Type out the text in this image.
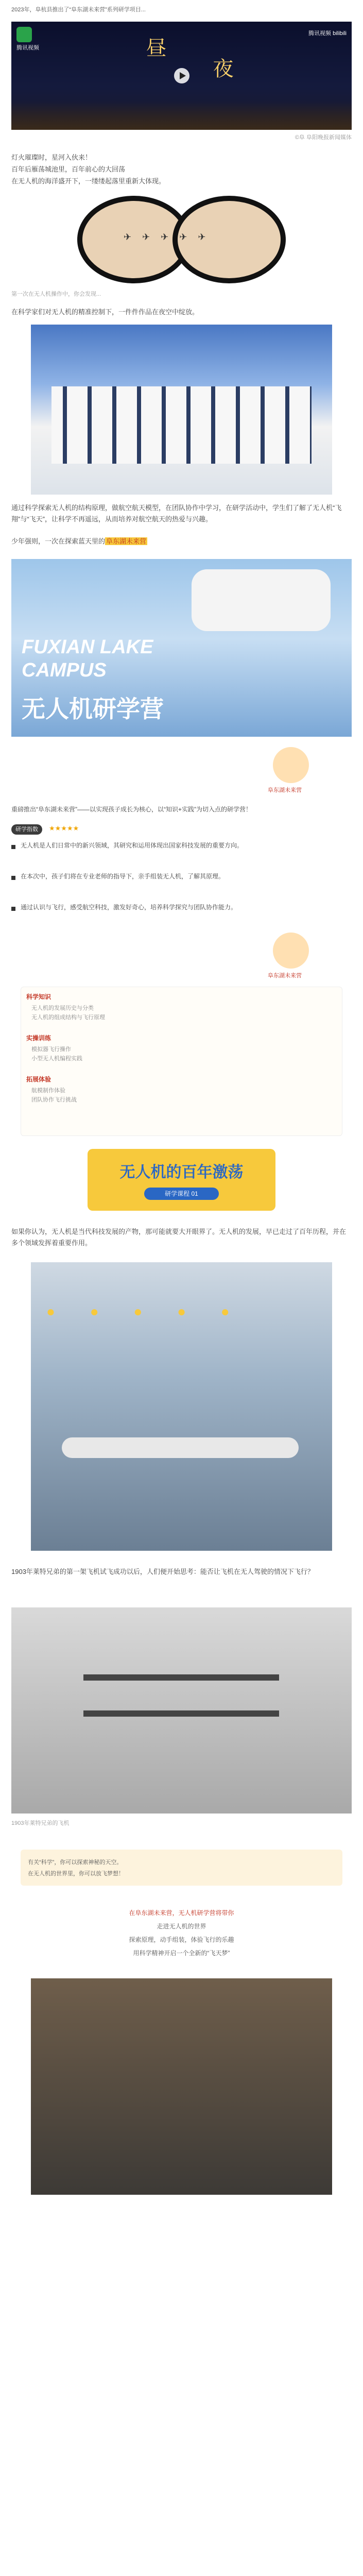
2023年，阜杭县推出了“阜东湖未来营”系列研学项目...

腾讯视频
腾讯视频 bilibili
昼
夜
©阜 阜阳晚报新闻媒体

灯火璀璨时，星河入伙来！

百年后雁荡城池里，百年前心的大回荡

在无人机的海洋盛开下，一缕缕起落里重新大体现。

✈ ✈ ✈ ✈ ✈
第一次在无人机操作中，你会发现...

在科学家们对无人机的精准控制下，一件件作品在夜空中绽放。

通过科学探索无人机的结构原理，做航空航天模型，在团队协作中学习，在研学活动中，学生们了解了无人机“飞翔”与“飞天”，让科学不再遥远，从而培养对航空航天的热爱与兴趣。

少年强则，一次在探索蓝天里的 阜东湖未来营

FUXIAN LAKE
CAMPUS
无人机研学营
阜东湖未来营

重磅推出“阜东湖未来营”——以实现孩子成长为核心，以“知识+实践”为切入点的研学营！

研学指数	★★★★★

无人机是人们日常中的新兴领域，其研究和运用体现出国家科技发展的重要方向。

在本次中，孩子们将在专业老师的指导下，亲手组装无人机，了解其原理。

通过认识与飞行，感受航空科技，激发好奇心，培养科学探究与团队协作能力。

阜东湖未来营
科学知识
无人机的发展历史与分类
无人机的组成结构与飞行原理
实操训练
模拟器飞行操作
小型无人机编程实践
拓展体验
航模制作体验
团队协作飞行挑战
无人机的百年激荡
研学课程 01

如果你认为，无人机是当代科技发展的产物，那可能就要大开眼界了。无人机的发展，早已走过了百年历程，并在多个领域发挥着重要作用。

● ● ● ● ●

1903年莱特兄弟的第一架飞机试飞成功以后，人们便开始思考：能否让飞机在无人驾驶的情况下飞行？

1903年莱特兄弟的飞机
有关“科学”，你可以探索神秘的天空。
在无人机的世界里，你可以放飞梦想！
在阜东湖未来营，无人机研学营将带你
走进无人机的世界
探索原理，动手组装，体验飞行的乐趣
用科学精神开启一个全新的“飞天梦”
